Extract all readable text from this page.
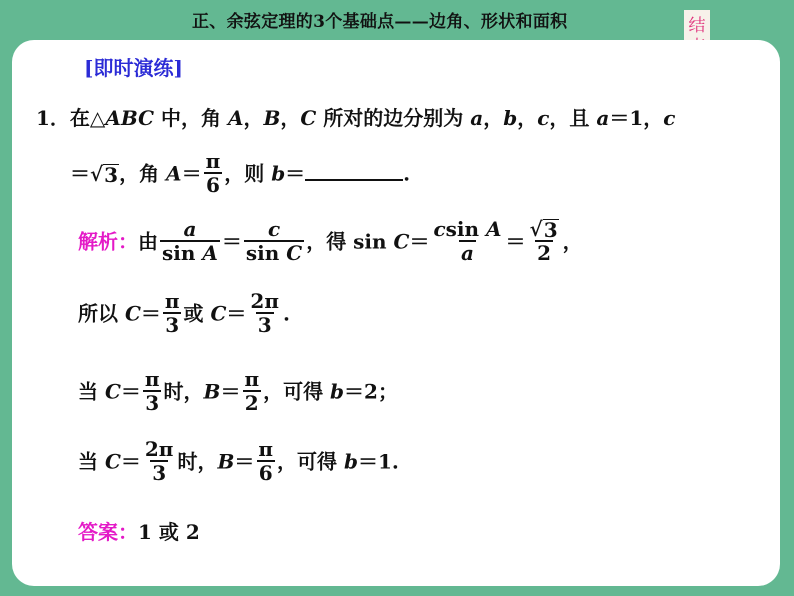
正、余弦定理的3个基础点——边角、形状和面积	结
[即时演练]
1．在△ABC 中，角 A，B，C 所对的边分别为 a，b，c，且 a＝1，c
＝ √ 3 ，角 $A= \frac{\pi}{6}$ ，则 b＝	.
解析：由 $\frac{a}{\text{sin A}} = \frac{c}{\text{sin C}}$ ，得 $\sin C= \frac{\text{csin A}}{a} = \frac{√ 3}{2}$ ，
所以 $C= \frac{\pi}{3}$ 或 $C= \frac{2\pi}{3}$ .
当 $C= \frac{\pi}{3}$ 时，$B= \frac{\pi}{2}$ ，可得 b＝2；
当 $C= \frac{2\pi}{3}$ 时，$B= \frac{\pi}{6}$ ，可得 b＝1.
答案：1 或 2
